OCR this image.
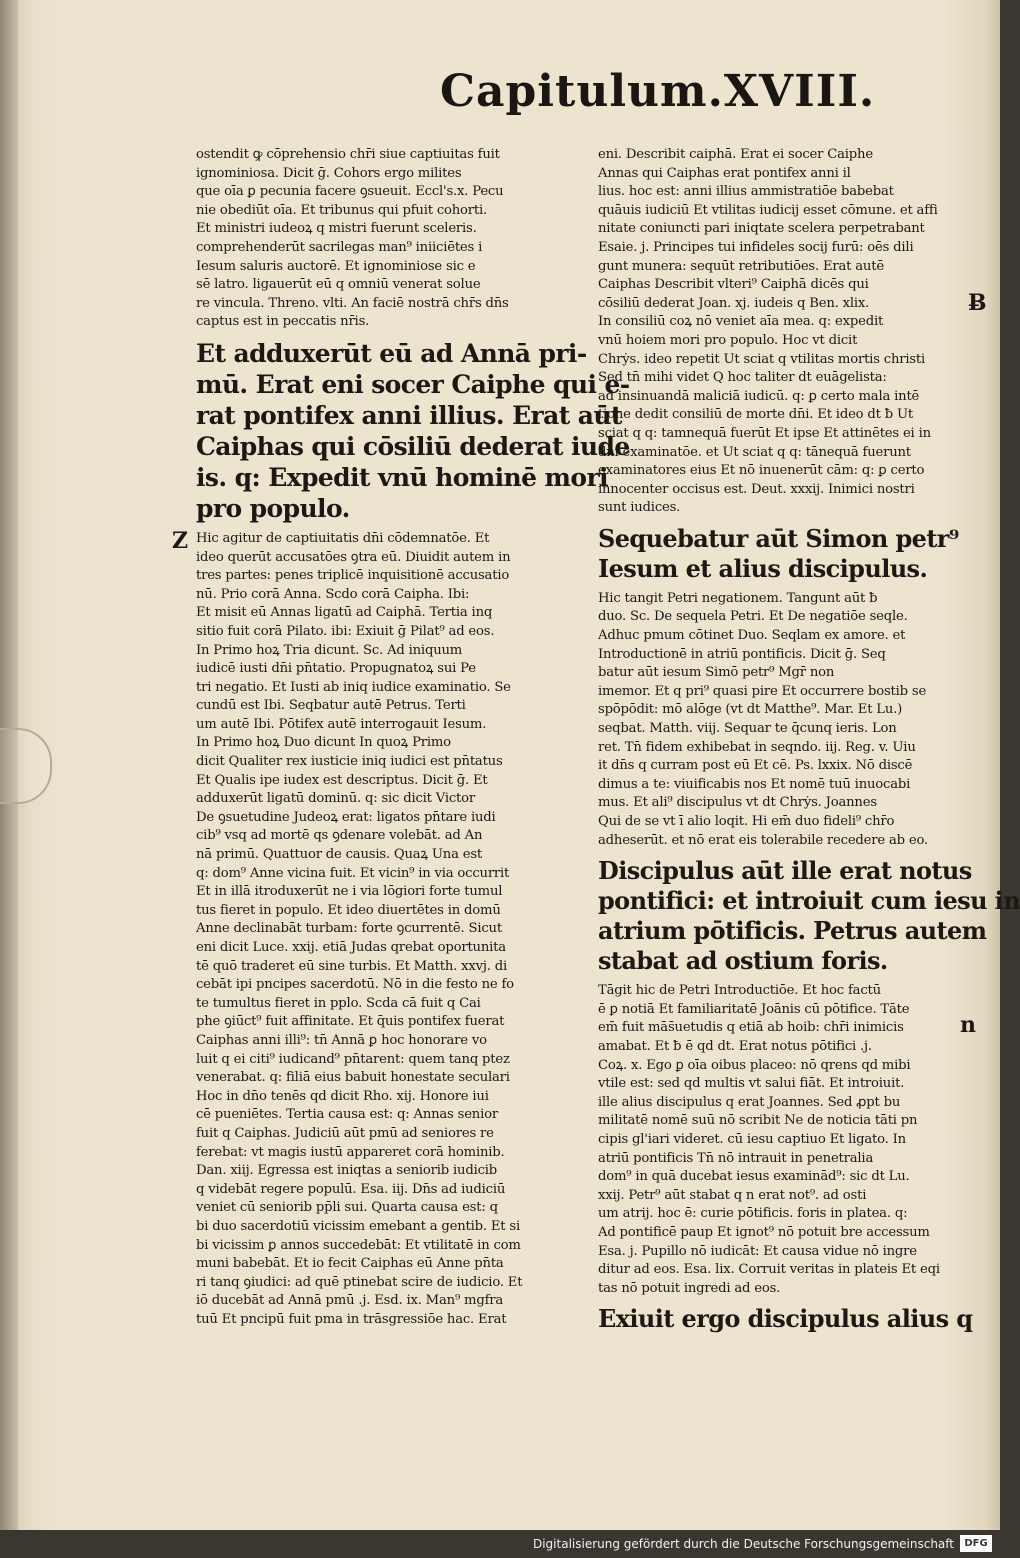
Capitulum.XVIII.
ostendit ꝙ cōprehensio chr̄i siue captiuitas fuit
ignominiosa. Dicit ḡ. Cohors ergo milites
que oīa ꝑ pecunia facere ꝯsueuit. Eccl's.x. Pecu
nie obediūt oīa. Et tribunus qui pfuit cohorti.
Et ministri iudeoꝝ q mistri fuerunt sceleris.
comprehenderūt sacrilegas man⁹ iniiciētes i
Iesum saluris auctorē. Et ignominiose sic e
sē latro. ligauerūt eū q omniū venerat solue
re vincula. Threno. vlti. An faciē nostrā chr̄s dn̄s
captus est in peccatis nr̄is.
Et adduxerūt eū ad Annā pri-
mū. Erat eni socer Caiphe qui e-
rat pontifex anni illius. Erat aūt
Caiphas qui cōsiliū dederat iude
is. q: Expedit vnū hominē mori
pro populo.
Hic agitur de captiuitatis dn̄i cōdemnatōe. Et
ideo querūt accusatōes ꝯtra eū. Diuidit autem in
tres partes: penes triplicē inquisitionē accusatio
nū. Prio corā Anna. Scdo corā Caipha. Ibi:
Et misit eū Annas ligatū ad Caiphā. Tertia inq
sitio fuit corā Pilato. ibi: Exiuit ḡ Pilat⁹ ad eos.
In Primo hoꝝ Tria dicunt. Sc. Ad iniquum
iudicē iusti dn̄i pn̄tatio. Propugnatoꝝ sui Pe
tri negatio. Et Iusti ab iniq iudice examinatio. Se
cundū est Ibi. Seqbatur autē Petrus. Terti
um autē Ibi. Pōtifex autē interrogauit Iesum.
In Primo hoꝝ Duo dicunt In quoꝝ Primo
dicit Qualiter rex iusticie iniq iudici est pn̄tatus
Et Qualis ipe iudex est descriptus. Dicit ḡ. Et
adduxerūt ligatū dominū. q: sic dicit Victor
De ꝯsuetudine Judeoꝝ erat: ligatos pn̄tare iudi
cib⁹ vsq ad mortē qs ꝯdenare volebāt. ad An
nā primū. Quattuor de causis. Quaꝝ Una est
q: dom⁹ Anne vicina fuit. Et vicin⁹ in via occurrit
Et in illā itroduxerūt ne i via lōgiori forte tumul
tus fieret in populo. Et ideo diuertētes in domū
Anne declinabāt turbam: forte ꝯcurrentē. Sicut
eni dicit Luce. xxij. etiā Judas qrebat oportunita
tē quō traderet eū sine turbis. Et Matth. xxvj. di
cebāt ipi pncipes sacerdotū. Nō in die festo ne fo
te tumultus fieret in pplo. Scda cā fuit q Cai
phe ꝯiūct⁹ fuit affinitate. Et q̄uis pontifex fuerat
Caiphas anni illi⁹: tn̄ Annā ꝑ hoc honorare vo
luit q ei citi⁹ iudicand⁹ pn̄tarent: quem tanq ptez
venerabat. q: filiā eius babuit honestate seculari
Hoc in dn̄o tenēs qd dicit Rho. xij. Honore iui
cē pueniētes. Tertia causa est: q: Annas senior
fuit q Caiphas. Judiciū aūt pmū ad seniores re
ferebat: vt magis iustū appareret corā hominib.
Dan. xiij. Egressa est iniqtas a seniorib iudicib
q videbāt regere populū. Esa. iij. Dn̄s ad iudiciū
veniet cū seniorib pp̄li sui. Quarta causa est: q
bi duo sacerdotiū vicissim emebant a gentib. Et si
bi vicissim ꝑ annos succedebāt: Et vtilitatē in com
muni babebāt. Et io fecit Caiphas eū Anne pn̄ta
ri tanq ꝯiudici: ad quē ptinebat scire de iudicio. Et
iō ducebāt ad Annā pmū .j. Esd. ix. Man⁹ mgfra
tuū Et pncipū fuit pma in trāsgressiōe hac. Erat
eni. Describit caiphā. Erat ei socer Caiphe
Annas qui Caiphas erat pontifex anni il
lius. hoc est: anni illius ammistratiōe babebat
quāuis iudiciū Et vtilitas iudicij esset cōmune. et affi
nitate coniuncti pari iniqtate scelera perpetrabant
Esaie. j. Principes tui infideles socij furū: oēs dili
gunt munera: sequūt retributiōes. Erat autē
Caiphas Describit vlteri⁹ Caiphā dicēs qui
cōsiliū dederat Joan. xj. iudeis q Ben. xlix.
In consiliū coꝝ nō veniet aīa mea. q: expedit
vnū hoiem mori pro populo. Hoc vt dicit
Chrẏs. ideo repetit Ut sciat q vtilitas mortis christi
Sed tn̄ mihi videt Q hoc taliter dt euāgelista:
ad insinuandā maliciā iudicū. q: ꝑ certo mala intē
tione dedit consiliū de morte dn̄i. Et ideo dt ƀ Ut
sciat q q: tamnequā fuerūt Et ipse Et attinētes ei in
dn̄i examinatōe. et Ut sciat q q: tānequā fuerunt
examinatores eius Et nō inuenerūt cām: q: ꝑ certo
innocenter occisus est. Deut. xxxij. Inimici nostri
sunt iudices.
Sequebatur aūt Simon petr⁹
Iesum et alius discipulus.
Hic tangit Petri negationem. Tangunt aūt ƀ
duo. Sc. De sequela Petri. Et De negatiōe seqle.
Adhuc pmum cōtinet Duo. Seqlam ex amore. et
Introductionē in atriū pontificis. Dicit ḡ. Seq
batur aūt iesum Simō petr⁹ Mgr̄ non
imemor. Et q pri⁹ quasi pire Et occurrere bostib se
spōpōdit: mō alōge (vt dt Matthe⁹. Mar. Et Lu.)
seqbat. Matth. viij. Sequar te q̄cunq ieris. Lon
ret. Tn̄ fidem exhibebat in seqndo. iij. Reg. v. Uiu
it dn̄s q curram post eū Et cē. Ps. lxxix. Nō discē
dimus a te: viuificabis nos Et nomē tuū inuocabi
mus. Et ali⁹ discipulus vt dt Chrẏs. Joannes
Qui de se vt ī alio loqit. Hi em̄ duo fideli⁹ chr̄o
adheserūt. et nō erat eis tolerabile recedere ab eo.
Discipulus aūt ille erat notus
pontifici: et introiuit cum iesu in
atrium pōtificis. Petrus autem
stabat ad ostium foris.
Tāgit hic de Petri Introductiōe. Et hoc factū
ē ꝑ notiā Et familiaritatē Joānis cū pōtifice. Tāte
em̄ fuit mās̄uetudis q etiā ab hoib: chr̄i inimicis
amabat. Et ƀ ē qd dt. Erat notus pōtifici .j.
Coꝝ. x. Ego ꝑ oīa oibus placeo: nō qrens qd mibi
vtile est: sed qd multis vt salui fiāt. Et introiuit.
ille alius discipulus q erat Joannes. Sed ꝓpt bu
militatē nomē suū nō scribit Ne de noticia tāti pn
cipis gl'iari videret. cū iesu captiuo Et ligato. In
atriū pontificis Tn̄ nō intrauit in penetralia
dom⁹ in quā ducebat iesus examinād⁹: sic dt Lu.
xxij. Petr⁹ aūt stabat q n erat not⁹. ad osti
um atrij. hoc ē: curie pōtificis. foris in platea. q:
Ad pontificē paup Et ignot⁹ nō potuit bre accessum
Esa. j. Pupillo nō iudicāt: Et causa vidue nō ingre
ditur ad eos. Esa. lix. Corruit veritas in plateis Et eqi
tas nō potuit ingredi ad eos.
Exiuit ergo discipulus alius q
Z
Ƀ
n
Digitalisierung gefördert durch die Deutsche Forschungsgemeinschaft	DFG
